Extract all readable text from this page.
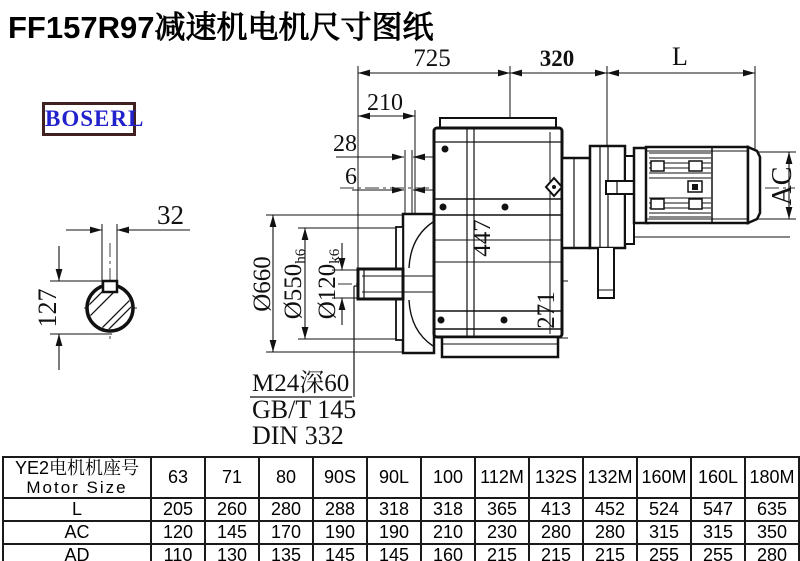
FF157R97减速机电机尺寸图纸
BOSERL
725	320	L
210
28
6
32
127	Ø660 Ø550h6
Ø120k6	447
271
AC
M24深60
GB/T 145
DIN 332
YE2电机机座号
Motor Size	63	71	80	90S	90L	100	112M	132S	132M	160M	160L	180M
L	205	260	280	288	318	318	365	413	452	524	547	635
AC	120	145	170	190	190	210	230	280	280	315	315	350
AD	110	130	135	145	145	160	215	215	215	255	255	280
